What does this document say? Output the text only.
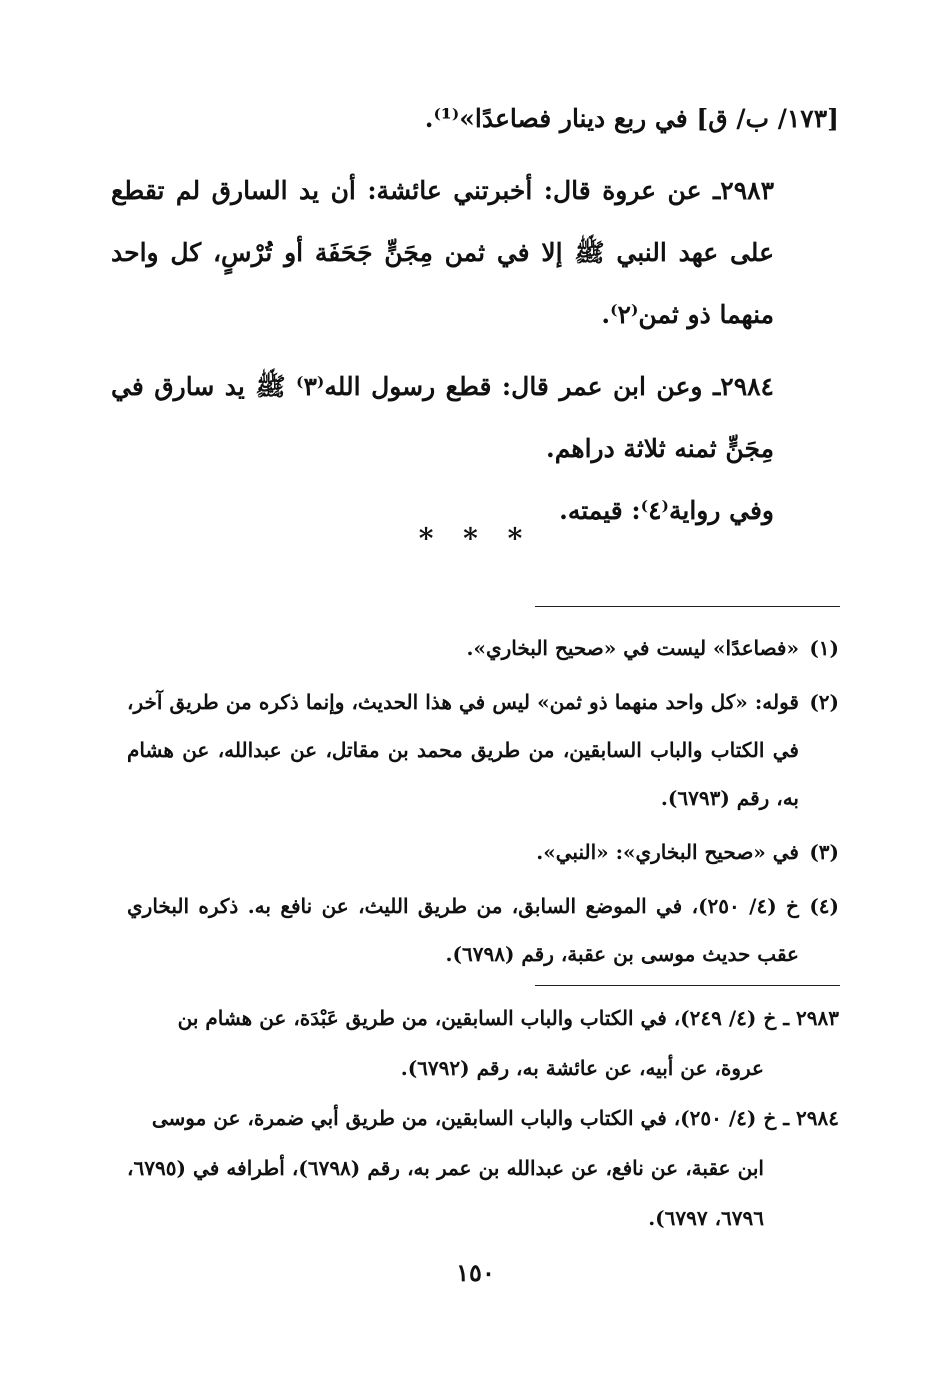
[١٧٣/ ب/ ق] في ربع دينار فصاعدًا»⁽¹⁾.

٢٩٨٣ـ عن عروة قال: أخبرتني عائشة: أن يد السارق لم تقطع على عهد النبي ﷺ إلا في ثمن مِجَنٍّ جَحَفَة أو تُرْسٍ، كل واحد منهما ذو ثمن⁽٢⁾.

٢٩٨٤ـ وعن ابن عمر قال: قطع رسول الله⁽٣⁾ ﷺ يد سارق في مِجَنٍّ ثمنه ثلاثة دراهم.

وفي رواية⁽٤⁾: قيمته.

* * *
(١)
«فصاعدًا» ليست في «صحيح البخاري».
(٢)
قوله: «كل واحد منهما ذو ثمن» ليس في هذا الحديث، وإنما ذكره من طريق آخر، في الكتاب والباب السابقين، من طريق محمد بن مقاتل، عن عبدالله، عن هشام به، رقم (٦٧٩٣).
(٣)
في «صحيح البخاري»: «النبي».
(٤)
خ (٤/ ٢٥٠)، في الموضع السابق، من طريق الليث، عن نافع به. ذكره البخاري عقب حديث موسى بن عقبة، رقم (٦٧٩٨).
٢٩٨٣ ـ خ (٤/ ٢٤٩)، في الكتاب والباب السابقين، من طريق عَبْدَة، عن هشام بن
عروة، عن أبيه، عن عائشة به، رقم (٦٧٩٢).
٢٩٨٤ ـ خ (٤/ ٢٥٠)، في الكتاب والباب السابقين، من طريق أبي ضمرة، عن موسى
ابن عقبة، عن نافع، عن عبدالله بن عمر به، رقم (٦٧٩٨)، أطرافه في (٦٧٩٥، ٦٧٩٦، ٦٧٩٧).
١٥٠
